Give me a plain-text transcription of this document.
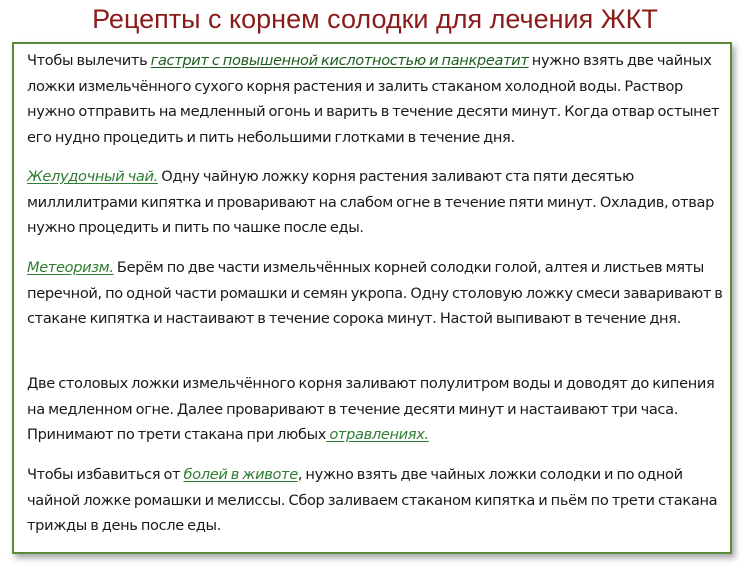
Рецепты с корнем солодки для лечения ЖКТ
Чтобы вылечить гастрит с повышенной кислотностью и панкреатит нужно взять две чайных ложки измельчённого сухого корня растения и залить стаканом холодной воды. Раствор нужно отправить на медленный огонь и варить в течение десяти минут. Когда отвар остынет его нудно процедить и пить небольшими глотками в течение дня.
Желудочный чай. Одну чайную ложку корня растения заливают ста пяти десятью миллилитрами кипятка и проваривают на слабом огне в течение пяти минут. Охладив, отвар нужно процедить и пить по чашке после еды.
Метеоризм. Берём по две части измельчённых корней солодки голой, алтея и листьев мяты перечной, по одной части ромашки и семян укропа. Одну столовую ложку смеси заваривают в стакане кипятка и настаивают в течение сорока минут. Настой выпивают в течение дня.
Две столовых ложки измельчённого корня заливают полулитром воды и доводят до кипения на медленном огне. Далее проваривают в течение десяти минут и настаивают три часа. Принимают по трети стакана при любых отравлениях.
Чтобы избавиться от болей в животе, нужно взять две чайных ложки солодки и по одной чайной ложке ромашки и мелиссы. Сбор заливаем стаканом кипятка и пьём по трети стакана трижды в день после еды.
